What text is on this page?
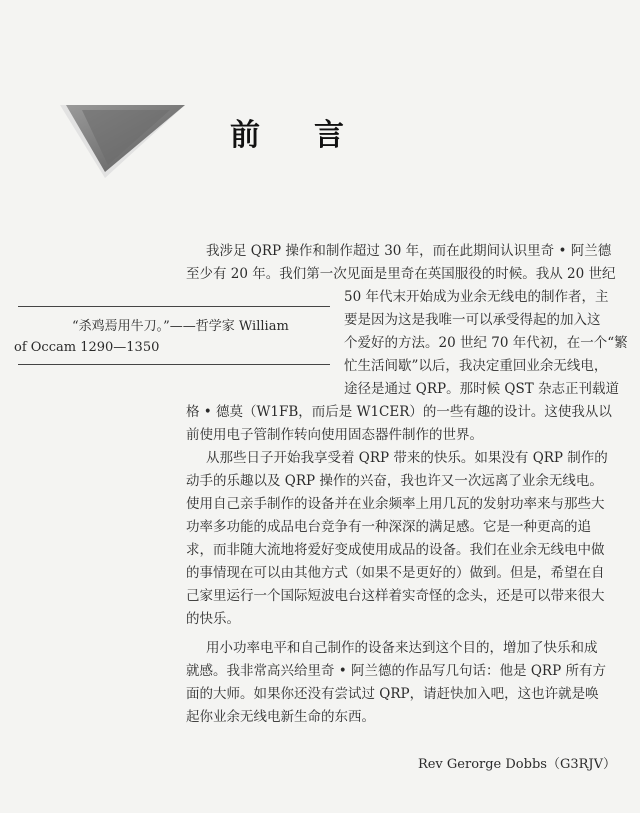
前 言
我涉足 QRP 操作和制作超过 30 年，而在此期间认识里奇 • 阿兰德
至少有 20 年。我们第一次见面是里奇在英国服役的时候。我从 20 世纪
50 年代末开始成为业余无线电的制作者，主
要是因为这是我唯一可以承受得起的加入这
个爱好的方法。20 世纪 70 年代初，在一个“繁
忙生活间歇”以后，我决定重回业余无线电，
途径是通过 QRP。那时候 QST 杂志正刊载道
格 • 德莫（W1FB，而后是 W1CER）的一些有趣的设计。这使我从以
前使用电子管制作转向使用固态器件制作的世界。
“杀鸡焉用牛刀。”——哲学家 William
of Occam 1290—1350
从那些日子开始我享受着 QRP 带来的快乐。如果没有 QRP 制作的
动手的乐趣以及 QRP 操作的兴奋，我也许又一次远离了业余无线电。
使用自己亲手制作的设备并在业余频率上用几瓦的发射功率来与那些大
功率多功能的成品电台竞争有一种深深的满足感。它是一种更高的追
求，而非随大流地将爱好变成使用成品的设备。我们在业余无线电中做
的事情现在可以由其他方式（如果不是更好的）做到。但是，希望在自
己家里运行一个国际短波电台这样着实奇怪的念头，还是可以带来很大
的快乐。
用小功率电平和自己制作的设备来达到这个目的，增加了快乐和成
就感。我非常高兴给里奇 • 阿兰德的作品写几句话：他是 QRP 所有方
面的大师。如果你还没有尝试过 QRP，请赶快加入吧，这也许就是唤
起你业余无线电新生命的东西。
Rev Gerorge Dobbs（G3RJV）
